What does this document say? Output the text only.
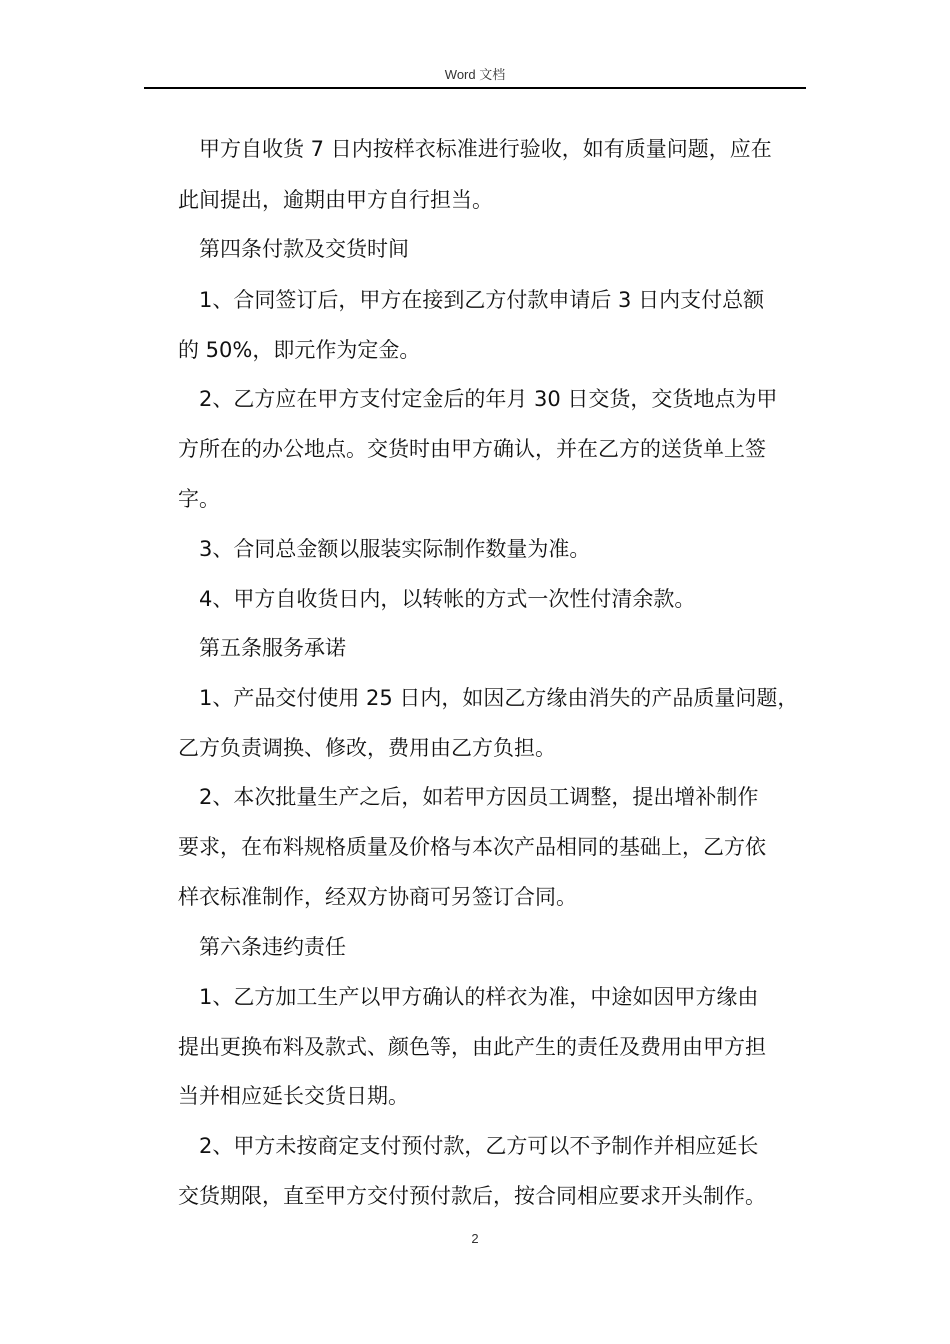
Word 文档
甲方自收货 7 日内按样衣标准进行验收，如有质量问题，应在
此间提出，逾期由甲方自行担当。
第四条付款及交货时间
1、合同签订后，甲方在接到乙方付款申请后 3 日内支付总额
的 50%，即元作为定金。
2、乙方应在甲方支付定金后的年月 30 日交货，交货地点为甲
方所在的办公地点。交货时由甲方确认，并在乙方的送货单上签
字。
3、合同总金额以服装实际制作数量为准。
4、甲方自收货日内，以转帐的方式一次性付清余款。
第五条服务承诺
1、产品交付使用 25 日内，如因乙方缘由消失的产品质量问题，
乙方负责调换、修改，费用由乙方负担。
2、本次批量生产之后，如若甲方因员工调整，提出增补制作
要求，在布料规格质量及价格与本次产品相同的基础上，乙方依
样衣标准制作，经双方协商可另签订合同。
第六条违约责任
1、乙方加工生产以甲方确认的样衣为准，中途如因甲方缘由
提出更换布料及款式、颜色等，由此产生的责任及费用由甲方担
当并相应延长交货日期。
2、甲方未按商定支付预付款，乙方可以不予制作并相应延长
交货期限，直至甲方交付预付款后，按合同相应要求开头制作。
2
